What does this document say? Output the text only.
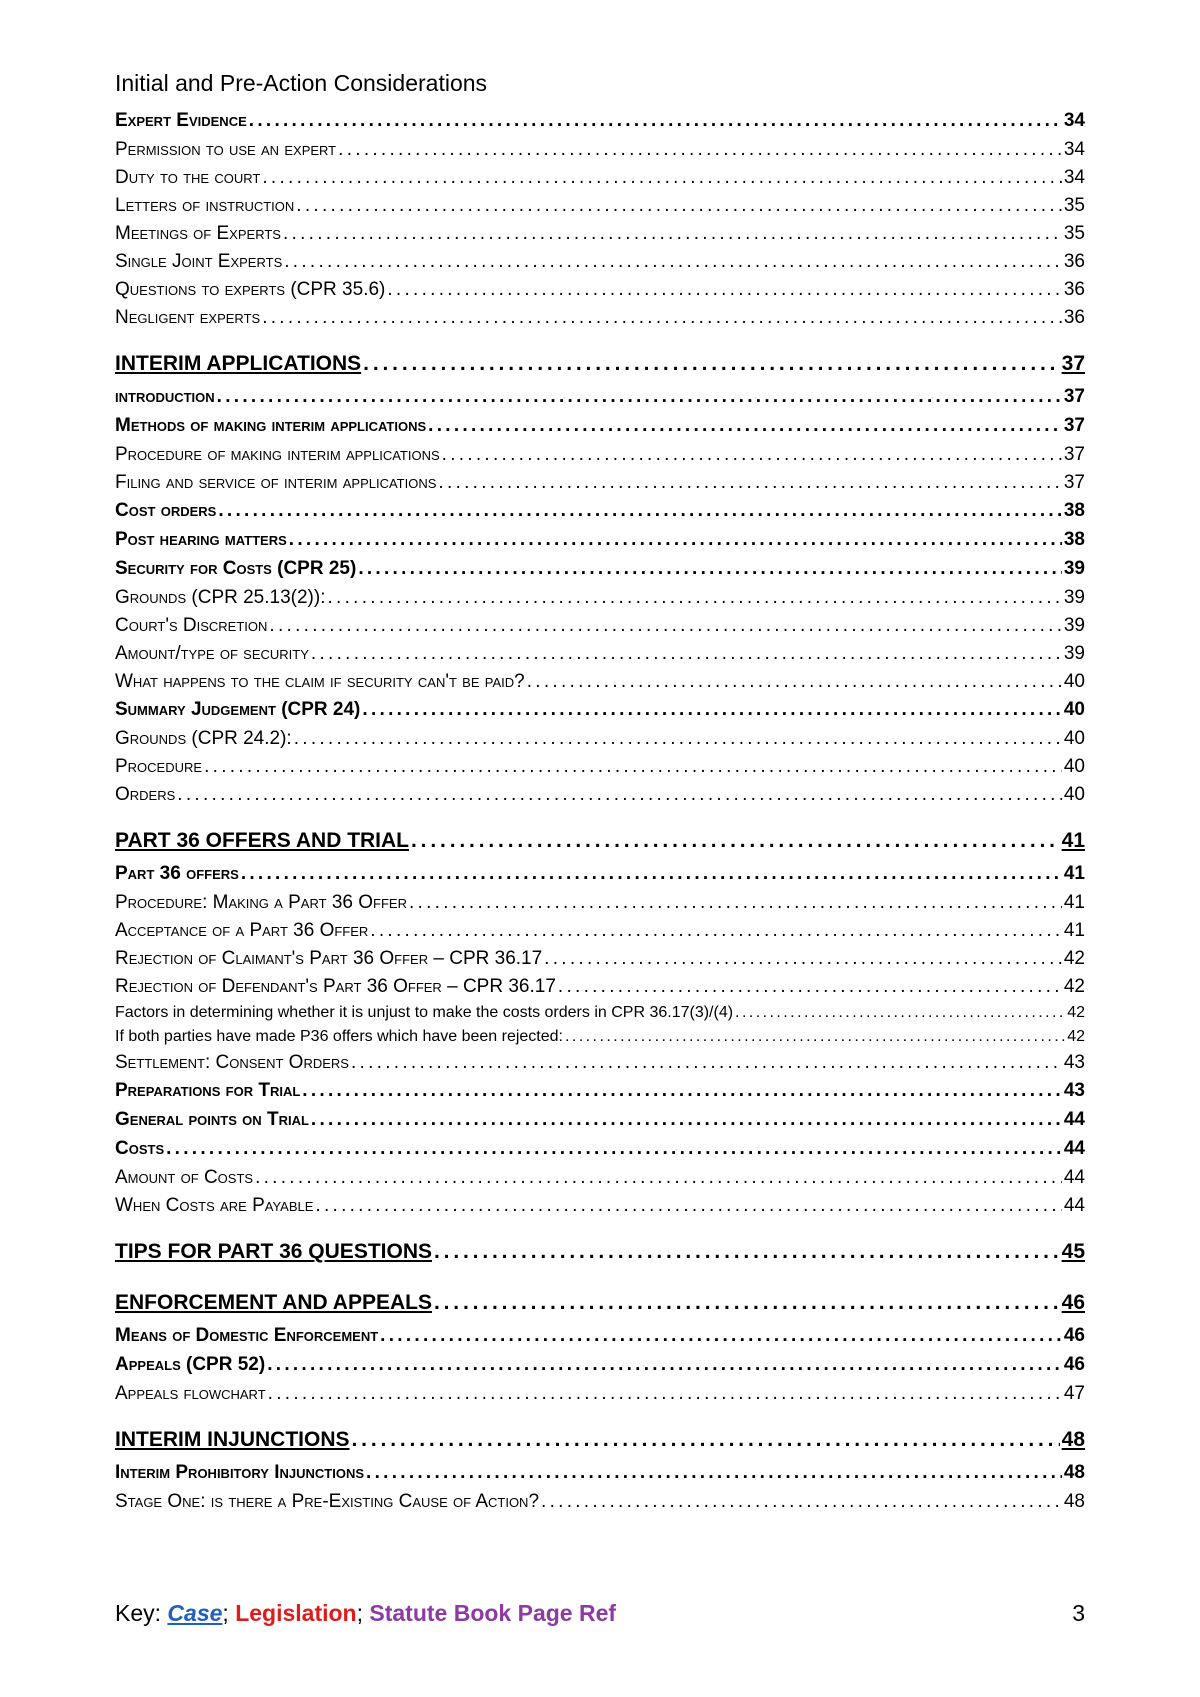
Initial and Pre-Action Considerations
Expert Evidence . . .	34
Permission to use an expert . . .	34
Duty to the court . . .	34
Letters of instruction . . .	35
Meetings of Experts . . .	35
Single Joint Experts . . .	36
Questions to experts (CPR 35.6) . . .	36
Negligent experts . . .	36
INTERIM APPLICATIONS . . .	37
introduction . . .	37
Methods of making interim applications . . .	37
Procedure of making interim applications . . .	37
Filing and service of interim applications . . .	37
Cost orders . . .	38
Post hearing matters . . .	38
Security for Costs (CPR 25) . . .	39
Grounds (CPR 25.13(2)): . . .	39
Court's Discretion . . .	39
Amount/type of security . . .	39
What happens to the claim if security can't be paid? . . .	40
Summary Judgement (CPR 24) . . .	40
Grounds (CPR 24.2): . . .	40
Procedure . . .	40
Orders . . .	40
PART 36 OFFERS AND TRIAL . . .	41
Part 36 offers . . .	41
Procedure: Making a Part 36 Offer . . .	41
Acceptance of a Part 36 Offer . . .	41
Rejection of Claimant's Part 36 Offer – CPR 36.17 . . .	42
Rejection of Defendant's Part 36 Offer – CPR 36.17 . . .	42
Factors in determining whether it is unjust to make the costs orders in CPR 36.17(3)/(4) . . .	42
If both parties have made P36 offers which have been rejected: . . .	42
Settlement: Consent Orders . . .	43
Preparations for Trial . . .	43
General points on Trial . . .	44
Costs . . .	44
Amount of Costs . . .	44
When Costs are Payable . . .	44
TIPS FOR PART 36 QUESTIONS . . .	45
ENFORCEMENT AND APPEALS . . .	46
Means of Domestic Enforcement . . .	46
Appeals (CPR 52) . . .	46
Appeals flowchart . . .	47
INTERIM INJUNCTIONS . . .	48
Interim Prohibitory Injunctions . . .	48
Stage One: is there a Pre-Existing Cause of Action? . . .	48
Key: Case; Legislation; Statute Book Page Ref	3
